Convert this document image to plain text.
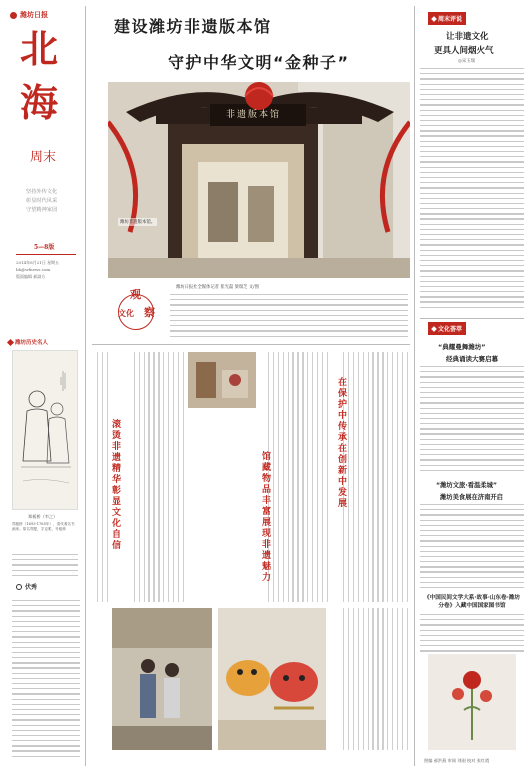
潍坊日报
北
海
周末
坚持外传文化
彰显时代风采
守望精神家园
5—8版
2014年8月21日 星期五
bh@wfnews.com
版面编辑 郝淑方
潍坊历史名人
郑板桥（韦之）
郑板桥（1693-1765年），清代著名书画家。原名郑燮，字克柔，号板桥
伏秀
建设潍坊非遗版本馆
守护中华文明“金种子”
非遗版本馆
潍坊非遗版本馆。
潍坊日报社全媒体记者 崔光磊 梁瑞芝 文/图
观
文化 察
滚烫非遗精华 彰显文化自信
馆藏物品丰富 展现非遗魅力
在保护中传承 在创新中发展
周末评说
让非遗文化
更具人间烟火气
◎宋玉瑞
文化荟萃
“典耀曼舞潍坊”
经典诵读大赛启幕
“潍坊文旅·看温柔城”
潍坊美食展在济南开启
《中国民间文学大系·故事·山东卷·潍坊分卷》入藏中国国家图书馆
照编 郝洪燕 审阅 刘刚 校对 张红霞
